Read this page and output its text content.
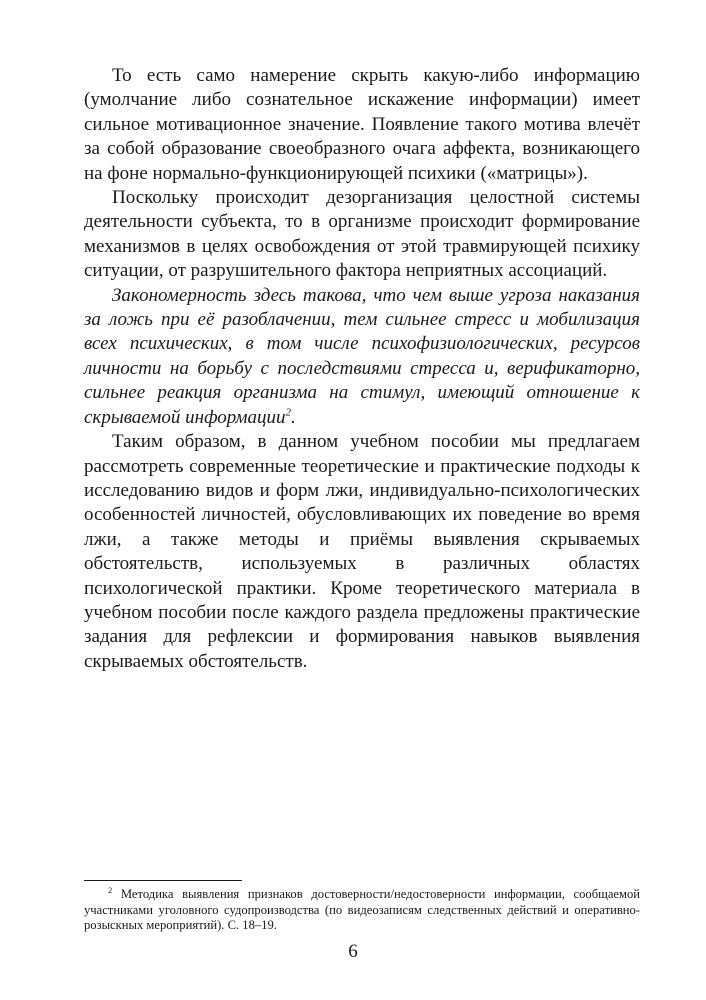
То есть само намерение скрыть какую-либо информацию (умолчание либо сознательное искажение информации) имеет сильное мотивационное значение. Появление такого мотива влечёт за собой образование своеобразного очага аффекта, возникающего на фоне нормально-функционирующей психики («матрицы»).

Поскольку происходит дезорганизация целостной системы деятельности субъекта, то в организме происходит формирование механизмов в целях освобождения от этой травмирующей психику ситуации, от разрушительного фактора неприятных ассоциаций.

Закономерность здесь такова, что чем выше угроза наказания за ложь при её разоблачении, тем сильнее стресс и мобилизация всех психических, в том числе психофизиологических, ресурсов личности на борьбу с последствиями стресса и, верификаторно, сильнее реакция организма на стимул, имеющий отношение к скрываемой информации$^2$.

Таким образом, в данном учебном пособии мы предлагаем рассмотреть современные теоретические и практические подходы к исследованию видов и форм лжи, индивидуально-психологических особенностей личностей, обусловливающих их поведение во время лжи, а также методы и приёмы выявления скрываемых обстоятельств, используемых в различных областях психологической практики. Кроме теоретического материала в учебном пособии после каждого раздела предложены практические задания для рефлексии и формирования навыков выявления скрываемых обстоятельств.

$^2$ Методика выявления признаков достоверности/недостоверности информации, сообщаемой участниками уголовного судопроизводства (по видеозаписям следственных действий и оперативно-розыскных мероприятий). С. 18–19.

6
